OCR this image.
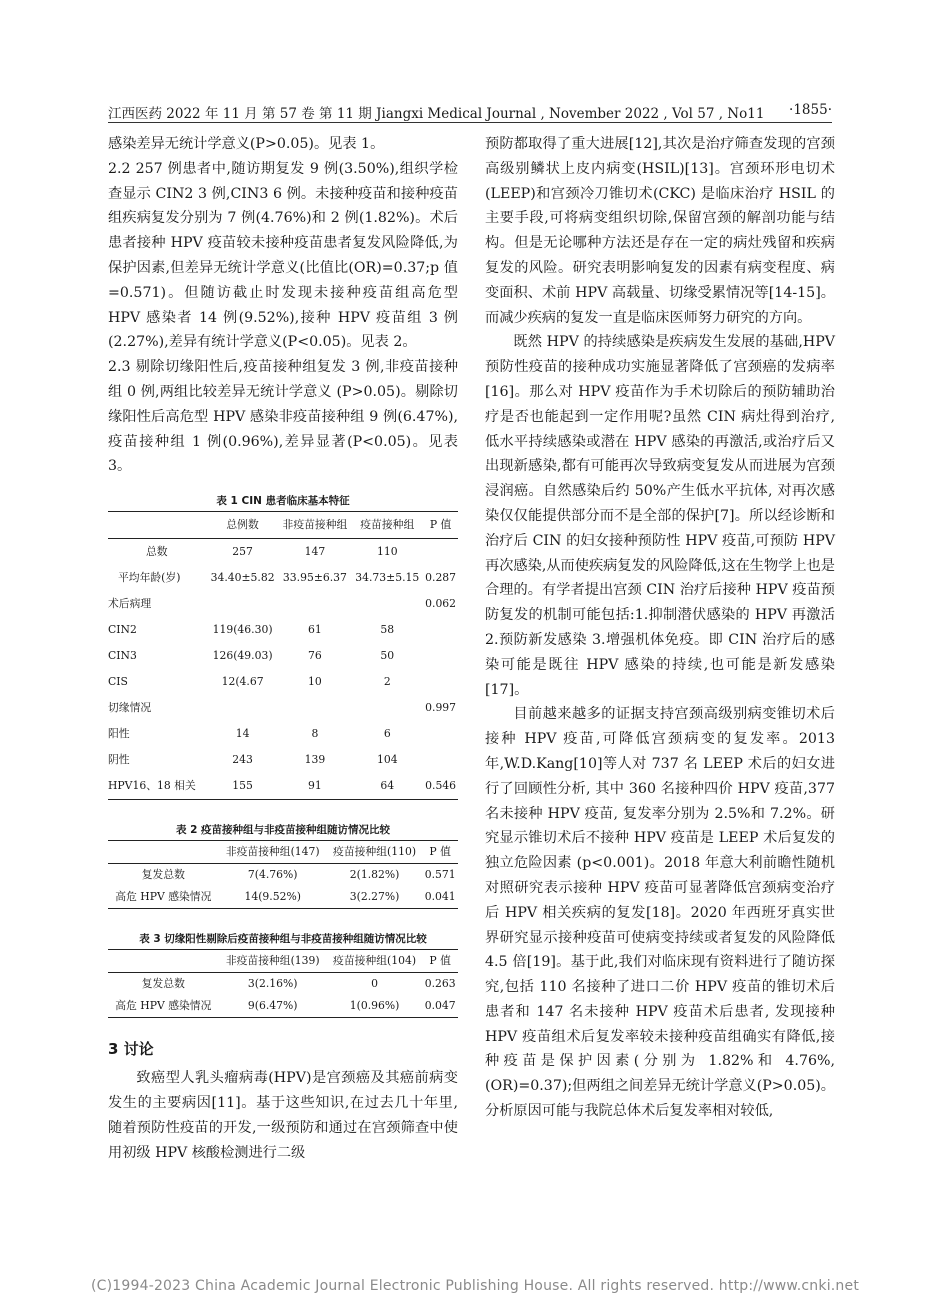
江西医药 2022 年 11 月 第 57 卷 第 11 期 Jiangxi Medical Journal , November 2022 , Vol 57 , No11 ·1855·

感染差异无统计学意义(P>0.05)。见表 1。

2.2 257 例患者中,随访期复发 9 例(3.50%),组织学检查显示 CIN2 3 例,CIN3 6 例。未接种疫苗和接种疫苗组疾病复发分别为 7 例(4.76%)和 2 例(1.82%)。术后患者接种 HPV 疫苗较未接种疫苗患者复发风险降低,为保护因素,但差异无统计学意义(比值比(OR)=0.37;p 值=0.571)。但随访截止时发现未接种疫苗组高危型 HPV 感染者 14 例(9.52%),接种 HPV 疫苗组 3 例(2.27%),差异有统计学意义(P<0.05)。见表 2。

2.3 剔除切缘阳性后,疫苗接种组复发 3 例,非疫苗接种组 0 例,两组比较差异无统计学意义 (P>0.05)。剔除切缘阳性后高危型 HPV 感染非疫苗接种组 9 例(6.47%),疫苗接种组 1 例(0.96%),差异显著(P<0.05)。见表 3。

表 1 CIN 患者临床基本特征
	总例数	非疫苗接种组	疫苗接种组	P 值
总数	257	147	110	
平均年龄(岁)	34.40±5.82	33.95±6.37	34.73±5.15	0.287
术后病理				0.062
CIN2	119(46.30)	61	58	
CIN3	126(49.03)	76	50	
CIS	12(4.67	10	2	
切缘情况				0.997
阳性	14	8	6	
阴性	243	139	104	
HPV16、18 相关	155	91	64	0.546
表 2 疫苗接种组与非疫苗接种组随访情况比较
	非疫苗接种组(147)	疫苗接种组(110)	P 值
复发总数	7(4.76%)	2(1.82%)	0.571
高危 HPV 感染情况	14(9.52%)	3(2.27%)	0.041
表 3 切缘阳性剔除后疫苗接种组与非疫苗接种组随访情况比较
	非疫苗接种组(139)	疫苗接种组(104)	P 值
复发总数	3(2.16%)	0	0.263
高危 HPV 感染情况	9(6.47%)	1(0.96%)	0.047
3 讨论

致癌型人乳头瘤病毒(HPV)是宫颈癌及其癌前病变发生的主要病因[11]。基于这些知识,在过去几十年里,随着预防性疫苗的开发,一级预防和通过在宫颈筛查中使用初级 HPV 核酸检测进行二级

预防都取得了重大进展[12],其次是治疗筛查发现的宫颈高级别鳞状上皮内病变(HSIL)[13]。宫颈环形电切术(LEEP)和宫颈冷刀锥切术(CKC) 是临床治疗 HSIL 的主要手段,可将病变组织切除,保留宫颈的解剖功能与结构。但是无论哪种方法还是存在一定的病灶残留和疾病复发的风险。研究表明影响复发的因素有病变程度、病变面积、术前 HPV 高载量、切缘受累情况等[14-15]。而减少疾病的复发一直是临床医师努力研究的方向。

既然 HPV 的持续感染是疾病发生发展的基础,HPV 预防性疫苗的接种成功实施显著降低了宫颈癌的发病率[16]。那么对 HPV 疫苗作为手术切除后的预防辅助治疗是否也能起到一定作用呢?虽然 CIN 病灶得到治疗, 低水平持续感染或潜在 HPV 感染的再激活,或治疗后又出现新感染,都有可能再次导致病变复发从而进展为宫颈浸润癌。自然感染后约 50%产生低水平抗体, 对再次感染仅仅能提供部分而不是全部的保护[7]。所以经诊断和治疗后 CIN 的妇女接种预防性 HPV 疫苗,可预防 HPV 再次感染,从而使疾病复发的风险降低,这在生物学上也是合理的。有学者提出宫颈 CIN 治疗后接种 HPV 疫苗预防复发的机制可能包括:1.抑制潜伏感染的 HPV 再激活 2.预防新发感染 3.增强机体免疫。即 CIN 治疗后的感染可能是既往 HPV 感染的持续,也可能是新发感染[17]。

目前越来越多的证据支持宫颈高级别病变锥切术后接种 HPV 疫苗,可降低宫颈病变的复发率。2013 年,W.D.Kang[10]等人对 737 名 LEEP 术后的妇女进行了回顾性分析, 其中 360 名接种四价 HPV 疫苗,377 名未接种 HPV 疫苗, 复发率分别为 2.5%和 7.2%。研究显示锥切术后不接种 HPV 疫苗是 LEEP 术后复发的独立危险因素 (p<0.001)。2018 年意大利前瞻性随机对照研究表示接种 HPV 疫苗可显著降低宫颈病变治疗后 HPV 相关疾病的复发[18]。2020 年西班牙真实世界研究显示接种疫苗可使病变持续或者复发的风险降低 4.5 倍[19]。基于此,我们对临床现有资料进行了随访探究,包括 110 名接种了进口二价 HPV 疫苗的锥切术后患者和 147 名未接种 HPV 疫苗术后患者, 发现接种 HPV 疫苗组术后复发率较未接种疫苗组确实有降低,接种疫苗是保护因素(分别为 1.82%和 4.76%,(OR)=0.37);但两组之间差异无统计学意义(P>0.05)。分析原因可能与我院总体术后复发率相对较低,

(C)1994-2023 China Academic Journal Electronic Publishing House. All rights reserved. http://www.cnki.net
